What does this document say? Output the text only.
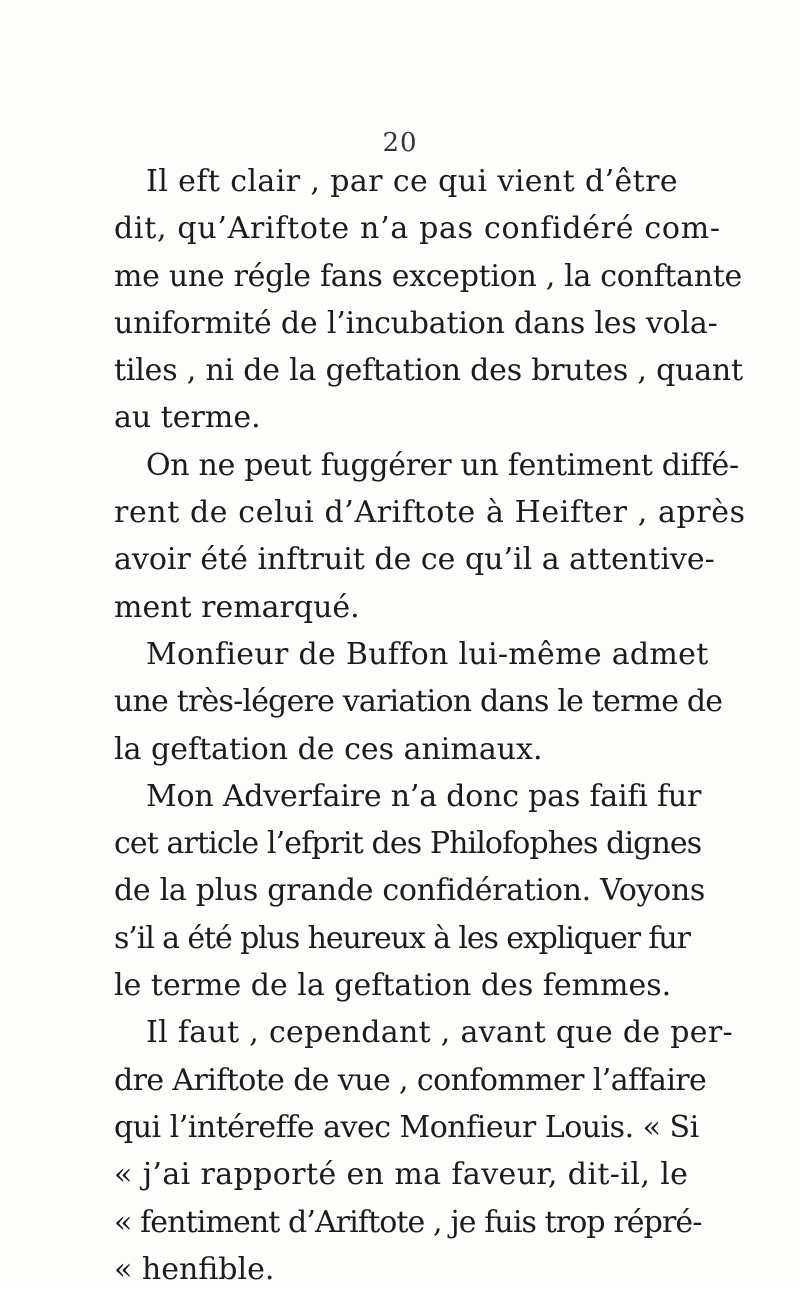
20
Il eft clair , par ce qui vient d’être
dit, qu’Ariftote n’a pas confidéré com-
me une régle fans exception , la conftante
uniformité de l’incubation dans les vola-
tiles , ni de la geftation des brutes , quant
au terme.
On ne peut fuggérer un fentiment diffé-
rent de celui d’Ariftote à Heifter , après
avoir été inftruit de ce qu’il a attentive-
ment remarqué.
Monfieur de Buffon lui-même admet
une très-légere variation dans le terme de
la geftation de ces animaux.
Mon Adverfaire n’a donc pas faifi fur
cet article l’efprit des Philofophes dignes
de la plus grande confidération. Voyons
s’il a été plus heureux à les expliquer fur
le terme de la geftation des femmes.
Il faut , cependant , avant que de per-
dre Ariftote de vue , confommer l’affaire
qui l’intéreffe avec Monfieur Louis. « Si
« j’ai rapporté en ma faveur, dit-il, le
« fentiment d’Ariftote , je fuis trop répré-
« henfible.
